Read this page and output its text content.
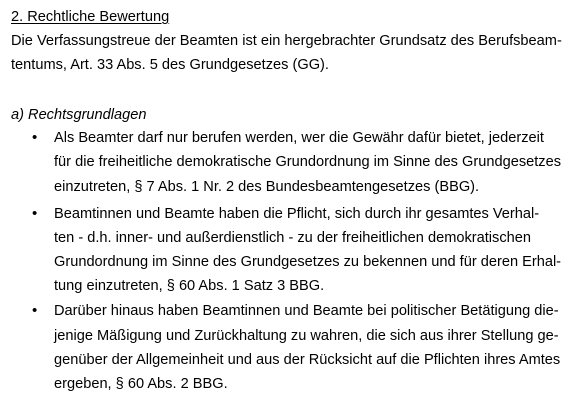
2. Rechtliche Bewertung
Die Verfassungstreue der Beamten ist ein hergebrachter Grundsatz des Berufsbeam-
tentums, Art. 33 Abs. 5 des Grundgesetzes (GG).
a) Rechtsgrundlagen
• Als Beamter darf nur berufen werden, wer die Gewähr dafür bietet, jederzeit
für die freiheitliche demokratische Grundordnung im Sinne des Grundgesetzes
einzutreten, § 7 Abs. 1 Nr. 2 des Bundesbeamtengesetzes (BBG).
• Beamtinnen und Beamte haben die Pflicht, sich durch ihr gesamtes Verhal-
ten - d.h. inner- und außerdienstlich - zu der freiheitlichen demokratischen
Grundordnung im Sinne des Grundgesetzes zu bekennen und für deren Erhal-
tung einzutreten, § 60 Abs. 1 Satz 3 BBG.
• Darüber hinaus haben Beamtinnen und Beamte bei politischer Betätigung die-
jenige Mäßigung und Zurückhaltung zu wahren, die sich aus ihrer Stellung ge-
genüber der Allgemeinheit und aus der Rücksicht auf die Pflichten ihres Amtes
ergeben, § 60 Abs. 2 BBG.
